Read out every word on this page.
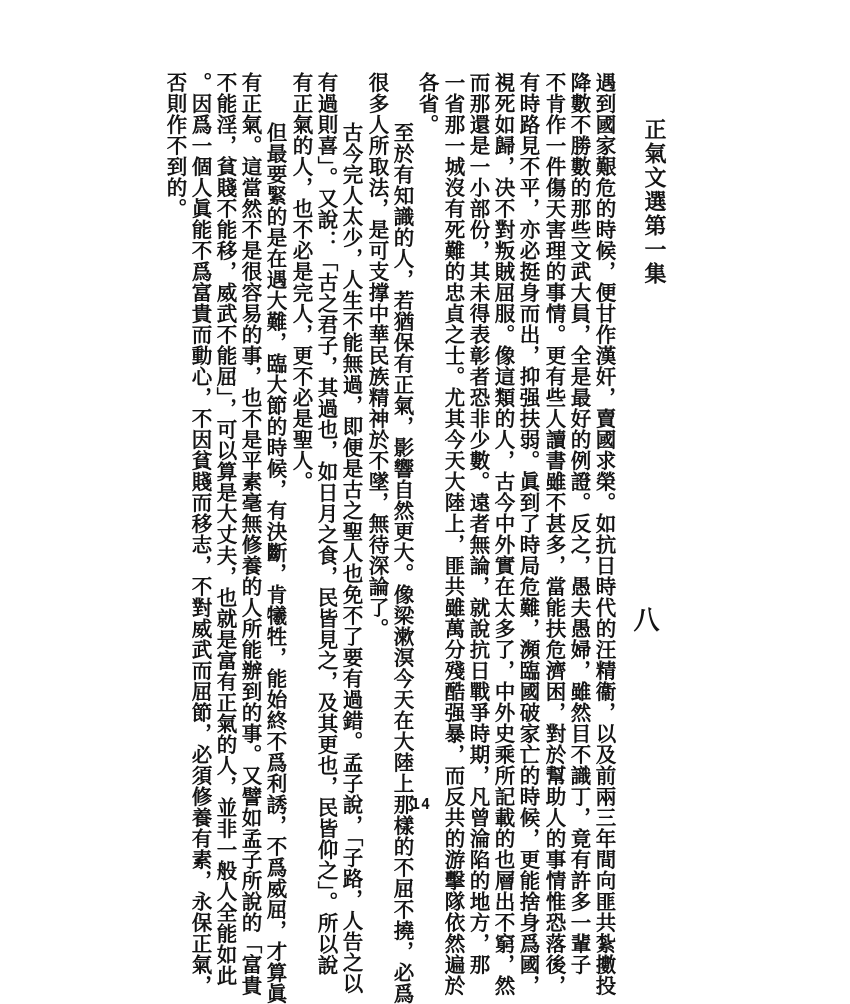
正氣文選第一集
八
遇到國家艱危的時候，便甘作漢奸，賣國求榮。如抗日時代的汪精衞，以及前兩三年間向匪共紮擻投
降數不勝數的那些文武大員，全是最好的例證。反之，愚夫愚婦，雖然目不識丁，竟有許多一輩子
不肯作一件傷天害理的事情。更有些人讀書雖不甚多，當能扶危濟困，對於幫助人的事情惟恐落後，
有時路見不平，亦必挺身而出，抑强扶弱。眞到了時局危難，瀕臨國破家亡的時候，更能捨身爲國，
視死如歸，决不對叛賊屈服。像這類的人，古今中外實在太多了，中外史乘所記載的也層出不窮，然
而那還是一小部份，其未得表彰者恐非少數。遠者無論，就說抗日戰爭時期，凡曾淪陷的地方，那
一省那一城沒有死難的忠貞之士。尤其今天大陸上，匪共雖萬分殘酷强暴，而反共的游擊隊依然遍於
各省。
至於有知識的人，若猶保有正氣，影響自然更大。像梁漱溟今天在大陸上那樣的不屈不撓，必爲
很多人所取法，是可支撑中華民族精神於不墜，無待深論了。
古今完人太少，人生不能無過，即便是古之聖人也免不了要有過錯。孟子說，「子路，人告之以
有過則喜」。又說：「古之君子，其過也，如日月之食，民皆見之，及其更也，民皆仰之」。所以說
有正氣的人，也不必是完人，更不必是聖人。
但最要緊的是在遇大難，臨大節的時候，有決斷，肯犧牲，能始終不爲利誘，不爲威屈，才算眞
有正氣。這當然不是很容易的事，也不是平素毫無修養的人所能辦到的事。又譬如孟子所說的「富貴
不能淫，貧賤不能移，威武不能屈」，可以算是大丈夫，也就是富有正氣的人，並非一般人全能如此
。因爲一個人眞能不爲富貴而動心，不因貧賤而移志，不對威武而屈節，必須修養有素，永保正氣，
否則作不到的。
14
